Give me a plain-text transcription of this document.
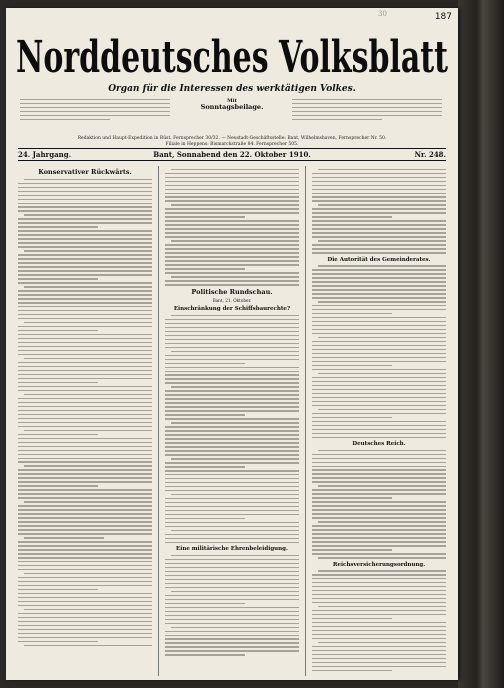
30	187
Norddeutsches Volksblatt
Organ für die Interessen des werktätigen Volkes.
Mit
Sonntagsbeilage.
Redaktion und Haupt-Expedition in Rüst. Fernsprecher 30/32. — Neustadt-Geschäftsstelle: Bant, Wilhelmshaven, Fernsprecher Nr. 50.
Filiale in Heppens: Bismarckstraße 84. Fernsprecher 505.
24. Jahrgang.	Bant, Sonnabend den 22. Oktober 1910.	Nr. 248.
Konservativer Rückwärts.
Politische Rundschau.
Bant, 21. Oktober.
Einschränkung der Schiffsbaurechte?
Eine militärische Ehrenbeleidigung.
Die Autorität des Gemeinderates.
Deutsches Reich.
Reichsversicherungsordnung.
